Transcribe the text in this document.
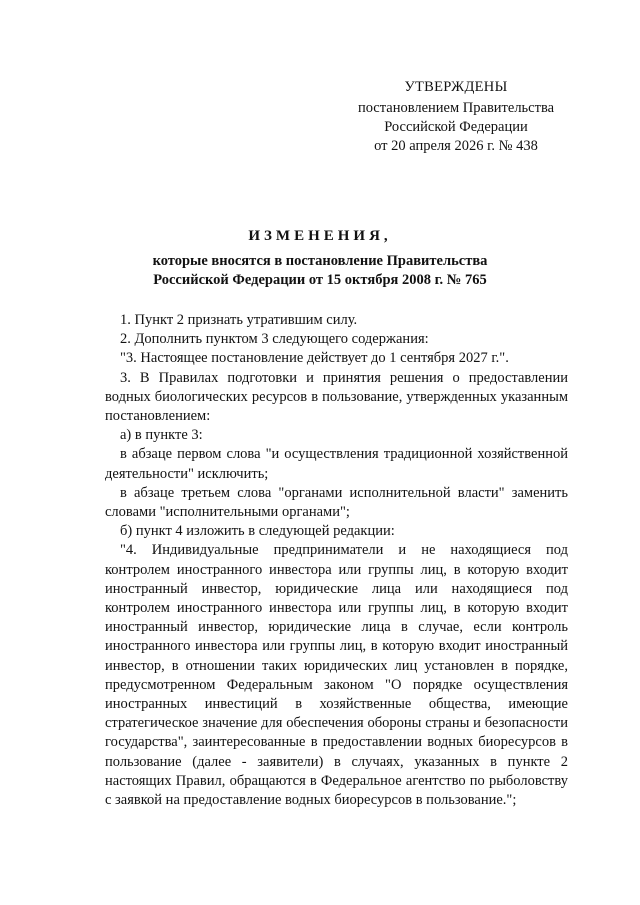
УТВЕРЖДЕНЫ
постановлением Правительства
Российской Федерации
от 20 апреля 2026 г. № 438
ИЗМЕНЕНИЯ,
которые вносятся в постановление Правительства
Российской Федерации от 15 октября 2008 г. № 765

1. Пункт 2 признать утратившим силу.

2. Дополнить пунктом 3 следующего содержания:

"3. Настоящее постановление действует до 1 сентября 2027 г.".

3. В Правилах подготовки и принятия решения о предоставлении водных биологических ресурсов в пользование, утвержденных указанным постановлением:

а) в пункте 3:

в абзаце первом слова "и осуществления традиционной хозяйственной деятельности" исключить;

в абзаце третьем слова "органами исполнительной власти" заменить словами "исполнительными органами";

б) пункт 4 изложить в следующей редакции:

"4. Индивидуальные предприниматели и не находящиеся под контролем иностранного инвестора или группы лиц, в которую входит иностранный инвестор, юридические лица или находящиеся под контролем иностранного инвестора или группы лиц, в которую входит иностранный инвестор, юридические лица в случае, если контроль иностранного инвестора или группы лиц, в которую входит иностранный инвестор, в отношении таких юридических лиц установлен в порядке, предусмотренном Федеральным законом "О порядке осуществления иностранных инвестиций в хозяйственные общества, имеющие стратегическое значение для обеспечения обороны страны и безопасности государства", заинтересованные в предоставлении водных биоресурсов в пользование (далее - заявители) в случаях, указанных в пункте 2 настоящих Правил, обращаются в Федеральное агентство по рыболовству с заявкой на предоставление водных биоресурсов в пользование.";
